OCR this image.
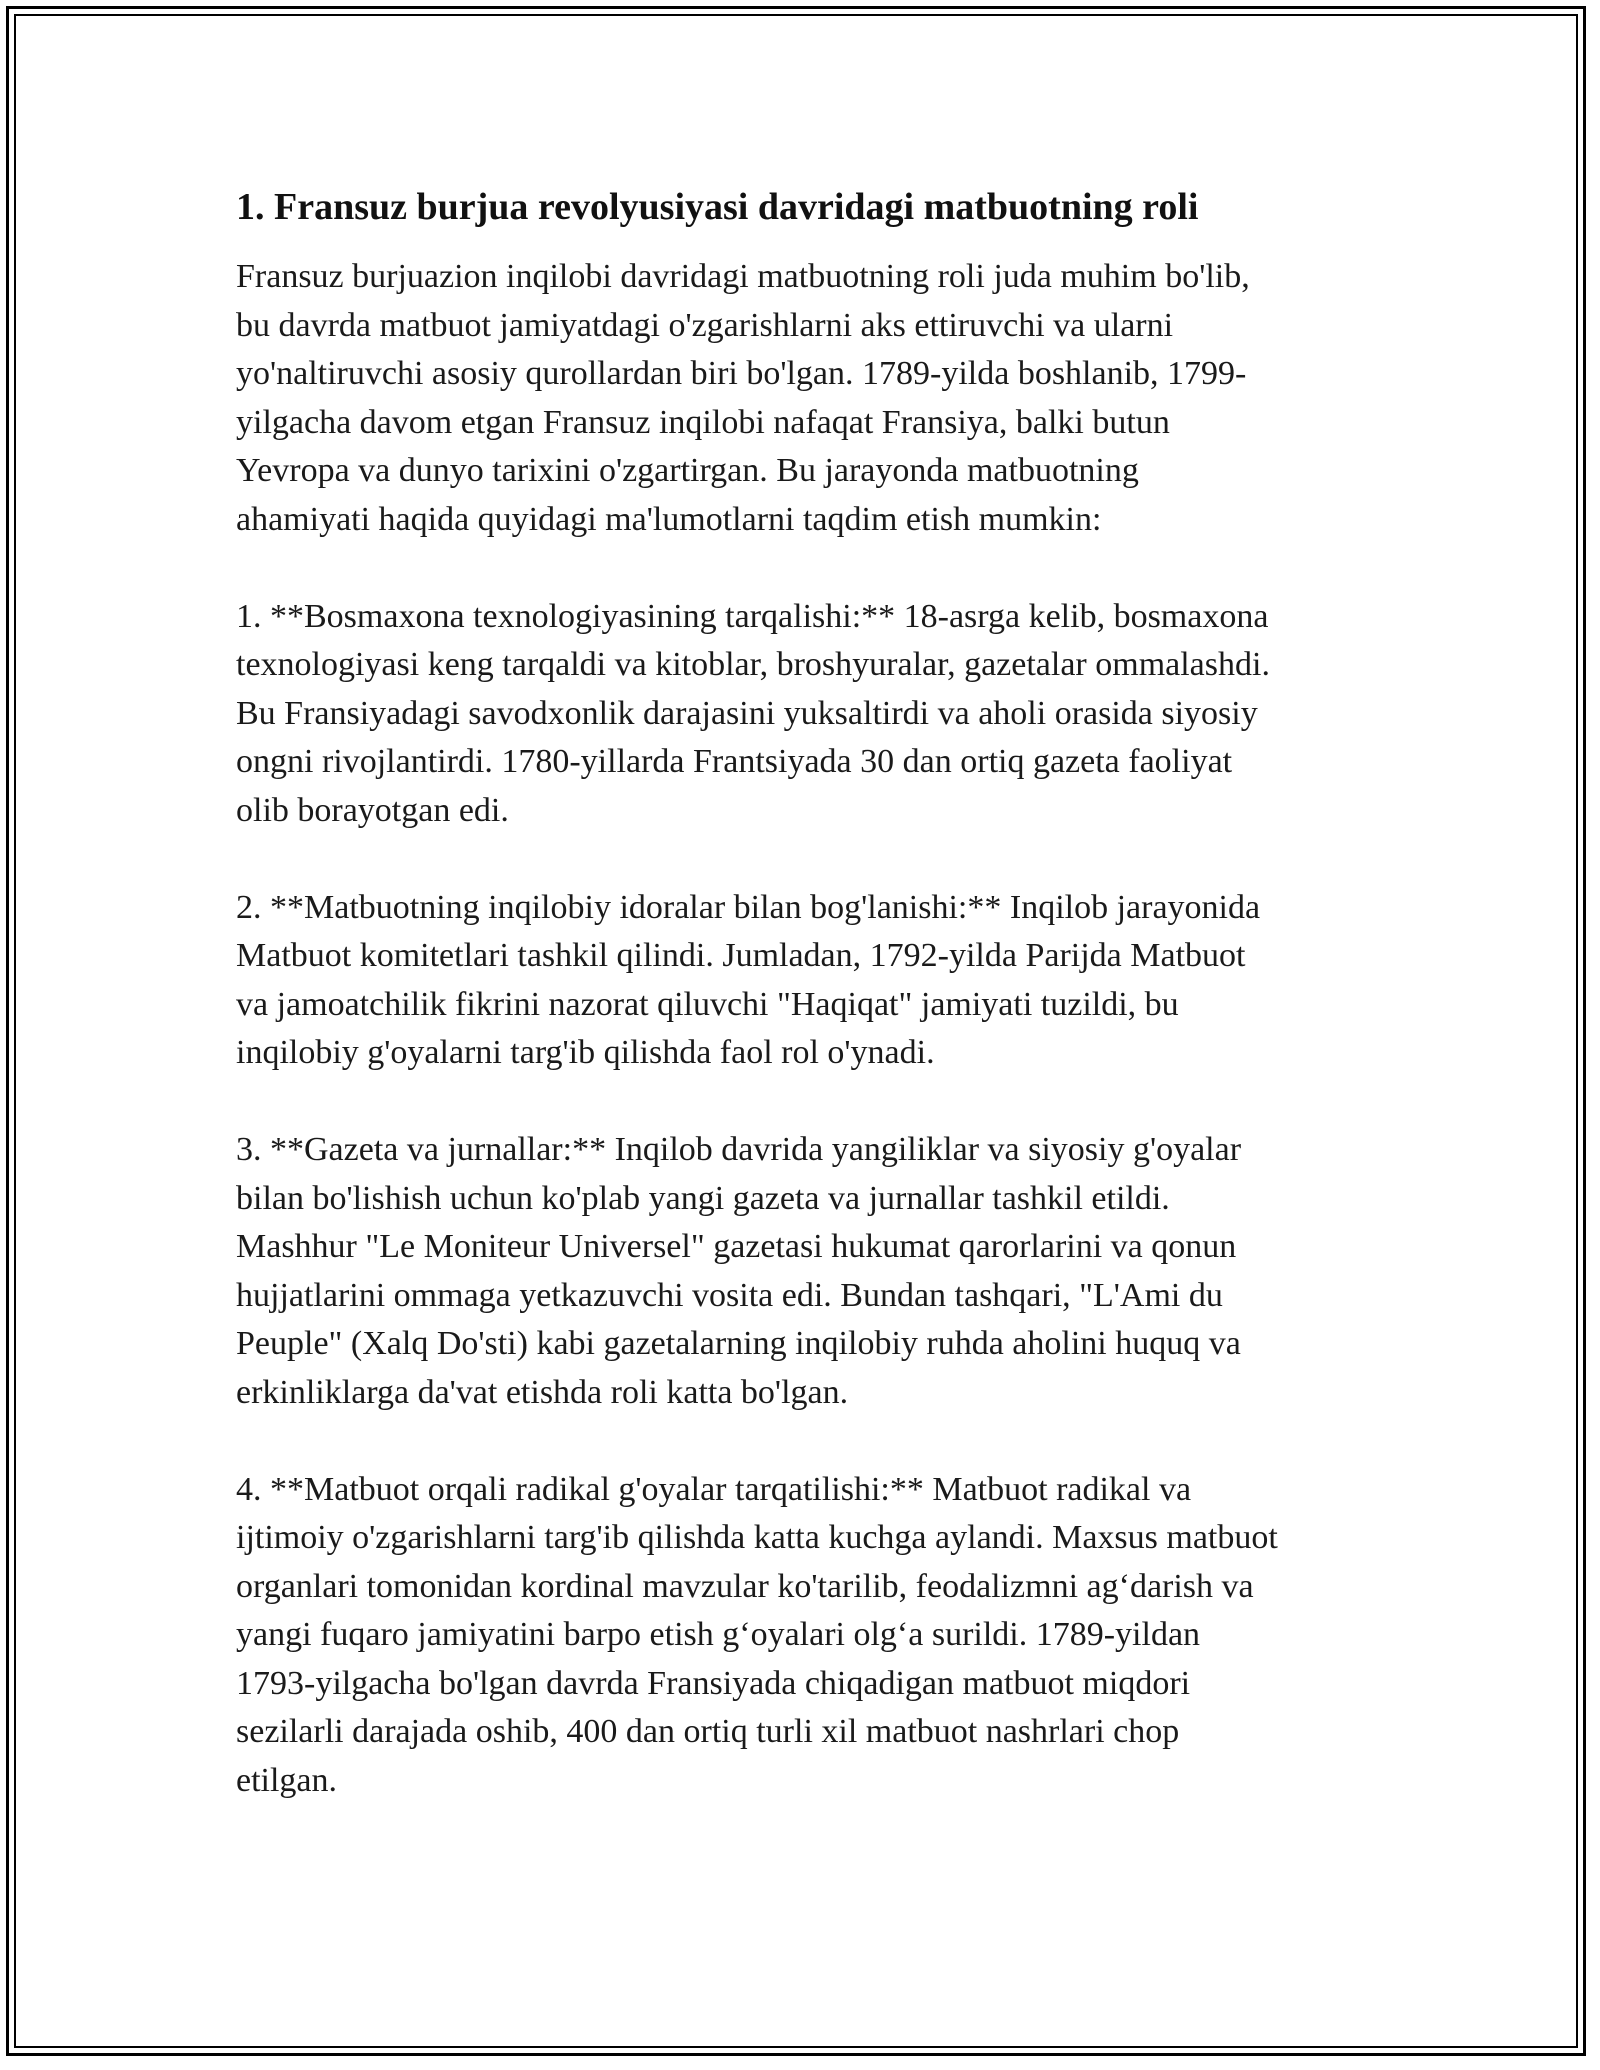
1. Fransuz burjua revolyusiyasi davridagi matbuotning roli

Fransuz burjuazion inqilobi davridagi matbuotning roli juda muhim bo'lib,
bu davrda matbuot jamiyatdagi o'zgarishlarni aks ettiruvchi va ularni
yo'naltiruvchi asosiy qurollardan biri bo'lgan. 1789-yilda boshlanib, 1799-
yilgacha davom etgan Fransuz inqilobi nafaqat Fransiya, balki butun
Yevropa va dunyo tarixini o'zgartirgan. Bu jarayonda matbuotning
ahamiyati haqida quyidagi ma'lumotlarni taqdim etish mumkin:

1. **Bosmaxona texnologiyasining tarqalishi:** 18-asrga kelib, bosmaxona
texnologiyasi keng tarqaldi va kitoblar, broshyuralar, gazetalar ommalashdi.
Bu Fransiyadagi savodxonlik darajasini yuksaltirdi va aholi orasida siyosiy
ongni rivojlantirdi. 1780-yillarda Frantsiyada 30 dan ortiq gazeta faoliyat
olib borayotgan edi.

2. **Matbuotning inqilobiy idoralar bilan bog'lanishi:** Inqilob jarayonida
Matbuot komitetlari tashkil qilindi. Jumladan, 1792-yilda Parijda Matbuot
va jamoatchilik fikrini nazorat qiluvchi "Haqiqat" jamiyati tuzildi, bu
inqilobiy g'oyalarni targ'ib qilishda faol rol o'ynadi.

3. **Gazeta va jurnallar:** Inqilob davrida yangiliklar va siyosiy g'oyalar
bilan bo'lishish uchun ko'plab yangi gazeta va jurnallar tashkil etildi.
Mashhur "Le Moniteur Universel" gazetasi hukumat qarorlarini va qonun
hujjatlarini ommaga yetkazuvchi vosita edi. Bundan tashqari, "L'Ami du
Peuple" (Xalq Do'sti) kabi gazetalarning inqilobiy ruhda aholini huquq va
erkinliklarga da'vat etishda roli katta bo'lgan.

4. **Matbuot orqali radikal g'oyalar tarqatilishi:** Matbuot radikal va
ijtimoiy o'zgarishlarni targ'ib qilishda katta kuchga aylandi. Maxsus matbuot
organlari tomonidan kordinal mavzular ko'tarilib, feodalizmni ag‘darish va
yangi fuqaro jamiyatini barpo etish g‘oyalari olg‘a surildi. 1789-yildan
1793-yilgacha bo'lgan davrda Fransiyada chiqadigan matbuot miqdori
sezilarli darajada oshib, 400 dan ortiq turli xil matbuot nashrlari chop
etilgan.
